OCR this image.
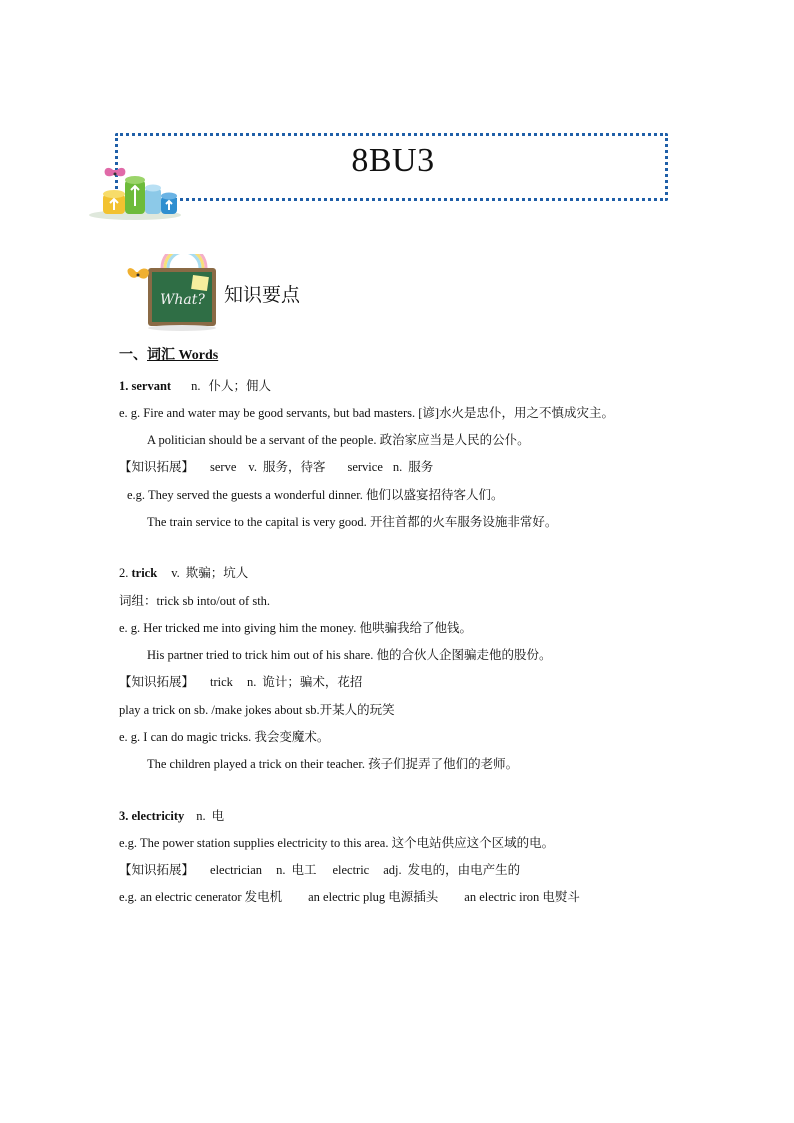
8BU3
What? 知识要点
一、词汇 Words
1. servant n. 仆人；佣人
e. g. Fire and water may be good servants, but bad masters. [谚]水火是忠仆，用之不慎成灾主。
A politician should be a servant of the people. 政治家应当是人民的公仆。
【知识拓展】 serve v. 服务，待客 service n. 服务
e.g. They served the guests a wonderful dinner. 他们以盛宴招待客人们。
The train service to the capital is very good. 开往首都的火车服务设施非常好。
2. trick v. 欺骗；坑人
词组：trick sb into/out of sth.
e. g. Her tricked me into giving him the money. 他哄骗我给了他钱。
His partner tried to trick him out of his share. 他的合伙人企图骗走他的股份。
【知识拓展】 trick n. 诡计；骗术，花招
play a trick on sb. /make jokes about sb.开某人的玩笑
e. g. I can do magic tricks. 我会变魔术。
The children played a trick on their teacher. 孩子们捉弄了他们的老师。
3. electricity n. 电
e.g. The power station supplies electricity to this area. 这个电站供应这个区域的电。
【知识拓展】 electrician n. 电工 electric adj. 发电的，由电产生的
e.g. an electric cenerator 发电机 an electric plug 电源插头 an electric iron 电熨斗
